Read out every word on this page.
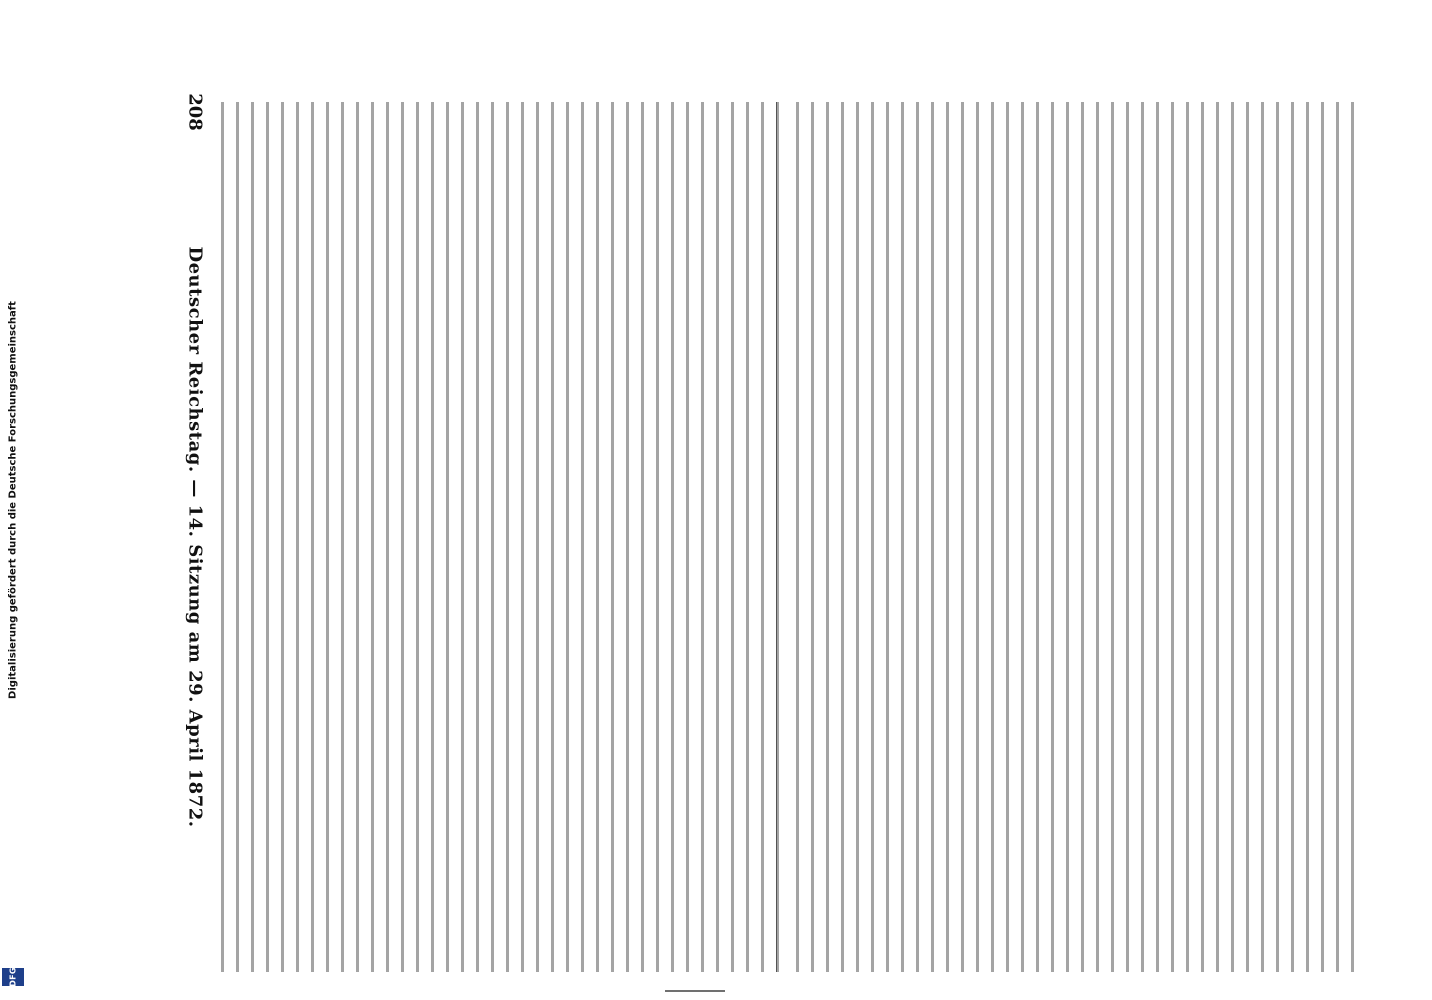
Digitalisierung gefördert durch die Deutsche Forschungsgemeinschaft
DFG
208
Deutscher Reichstag. — 14. Sitzung am 29. April 1872.
